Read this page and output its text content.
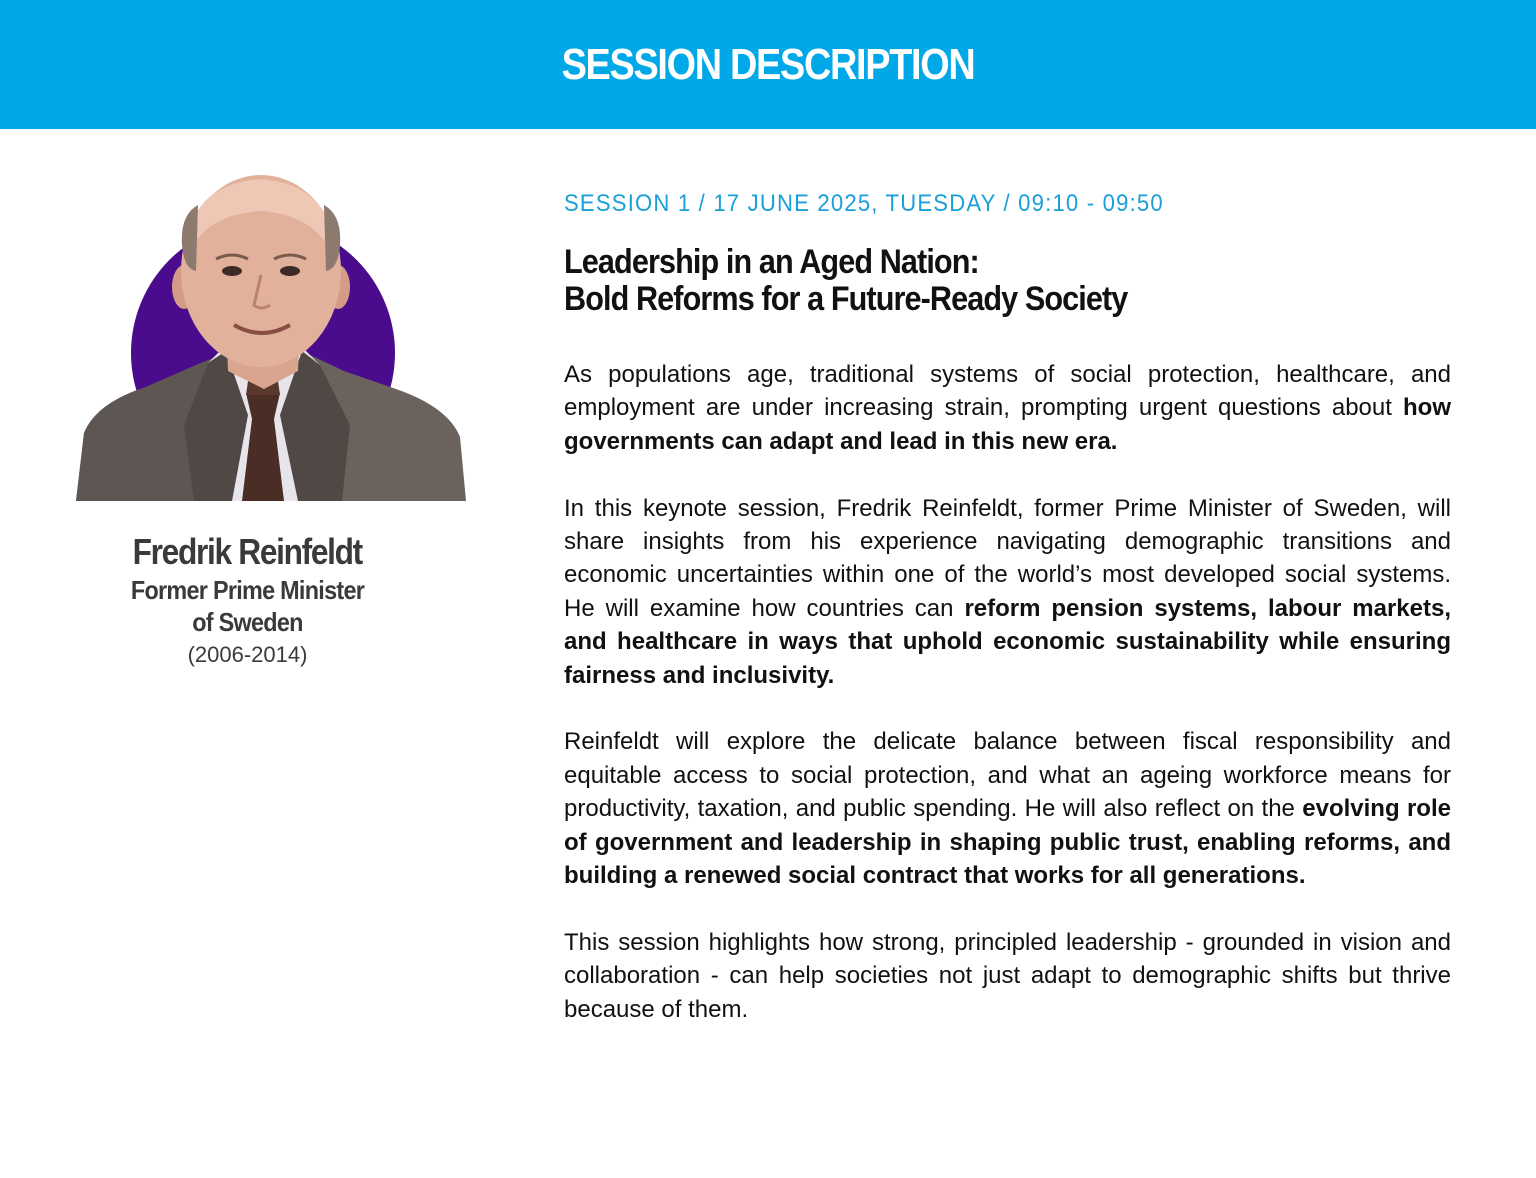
SESSION DESCRIPTION
Fredrik Reinfeldt
Former Prime Minister
of Sweden
(2006-2014)
SESSION 1 / 17 JUNE 2025, TUESDAY / 09:10 - 09:50
Leadership in an Aged Nation:
Bold Reforms for a Future-Ready Society

As populations age, traditional systems of social protection, healthcare, and employment are under increasing strain, prompting urgent questions about how governments can adapt and lead in this new era.

In this keynote session, Fredrik Reinfeldt, former Prime Minister of Sweden, will share insights from his experience navigating demographic transitions and economic uncertainties within one of the world’s most developed social systems. He will examine how countries can reform pension systems, labour markets, and healthcare in ways that uphold economic sustainability while ensuring fairness and inclusivity.

Reinfeldt will explore the delicate balance between fiscal responsibility and equitable access to social protection, and what an ageing workforce means for productivity, taxation, and public spending. He will also reflect on the evolving role of government and leadership in shaping public trust, enabling reforms, and building a renewed social contract that works for all generations.

This session highlights how strong, principled leadership - grounded in vision and collaboration - can help societies not just adapt to demographic shifts but thrive because of them.
